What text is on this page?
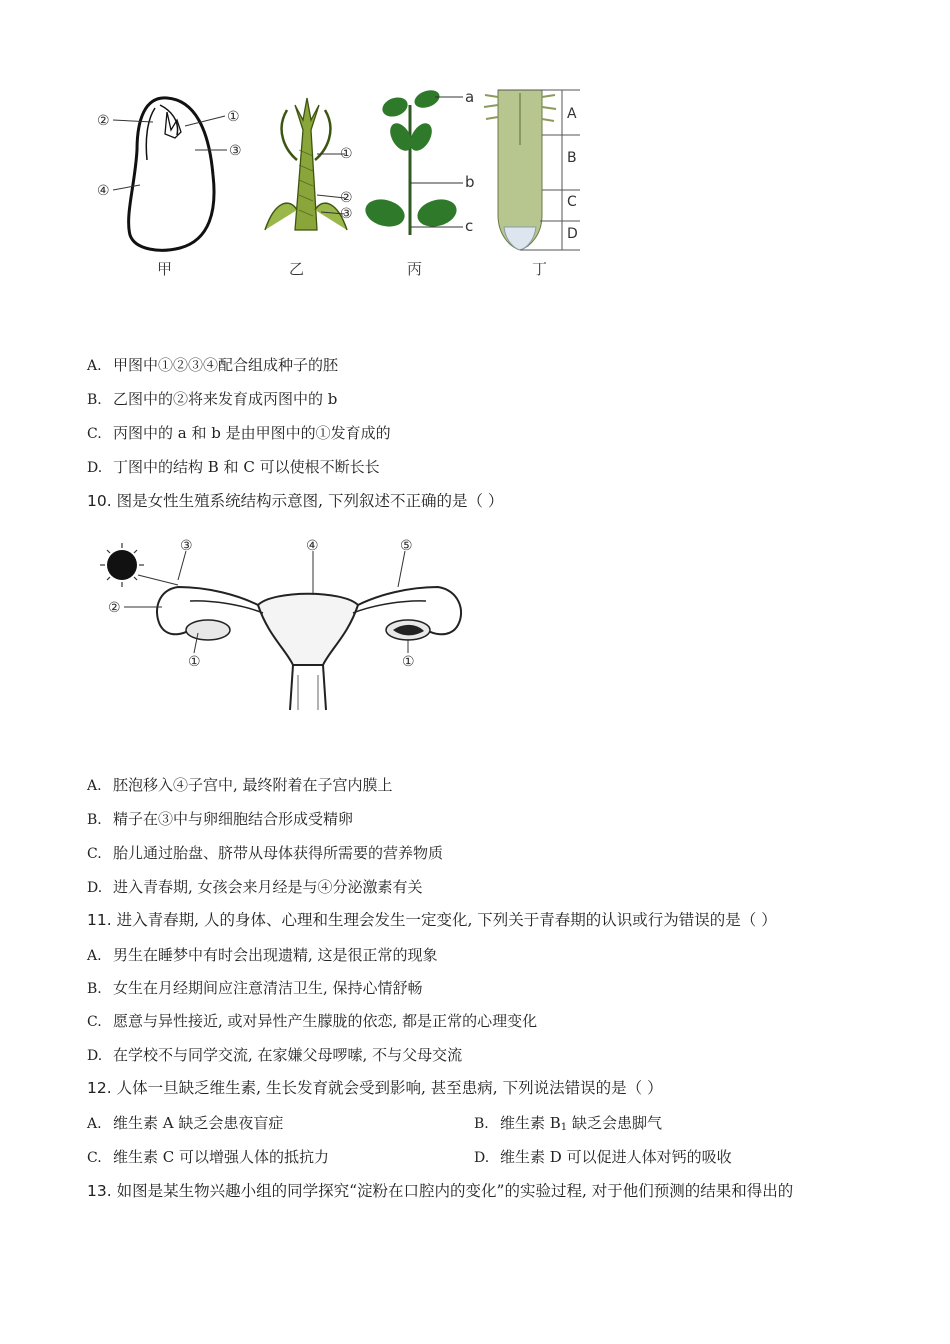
②	①
③
④
①
②
③
a
b
c
A
B
C
D
甲	乙	丙	丁
A. 甲图中①②③④配合组成种子的胚
B. 乙图中的②将来发育成丙图中的 b
C. 丙图中的 a 和 b 是由甲图中的①发育成的
D. 丁图中的结构 B 和 C 可以使根不断长长
10. 图是女性生殖系统结构示意图, 下列叙述不正确的是（ ）
③	④	⑤
②
①	①
A. 胚泡移入④子宫中, 最终附着在子宫内膜上
B. 精子在③中与卵细胞结合形成受精卵
C. 胎儿通过胎盘、脐带从母体获得所需要的营养物质
D. 进入青春期, 女孩会来月经是与④分泌激素有关
11. 进入青春期, 人的身体、心理和生理会发生一定变化, 下列关于青春期的认识或行为错误的是（ ）
A. 男生在睡梦中有时会出现遗精, 这是很正常的现象
B. 女生在月经期间应注意清洁卫生, 保持心情舒畅
C. 愿意与异性接近, 或对异性产生朦胧的依恋, 都是正常的心理变化
D. 在学校不与同学交流, 在家嫌父母啰嗦, 不与父母交流
12. 人体一旦缺乏维生素, 生长发育就会受到影响, 甚至患病, 下列说法错误的是（ ）
A. 维生素 A 缺乏会患夜盲症	B. 维生素 $B_1$ 缺乏会患脚气
C. 维生素 C 可以增强人体的抵抗力	D. 维生素 D 可以促进人体对钙的吸收
13. 如图是某生物兴趣小组的同学探究“淀粉在口腔内的变化”的实验过程, 对于他们预测的结果和得出的
